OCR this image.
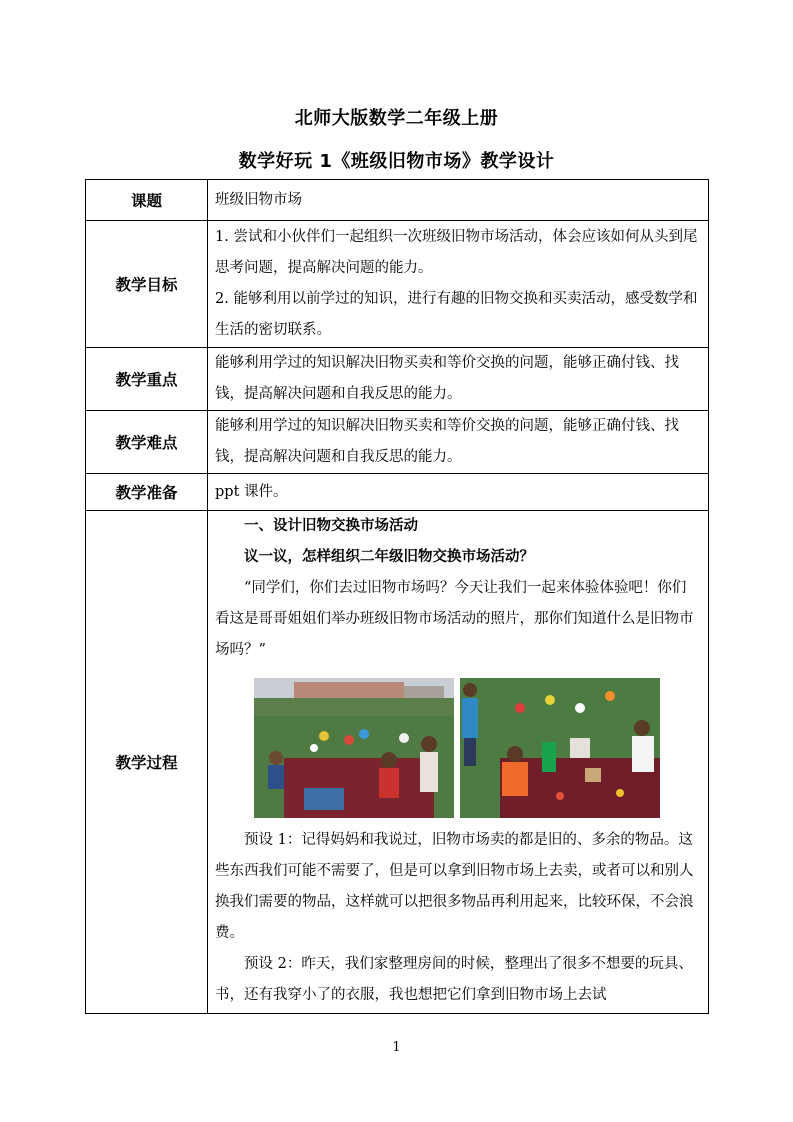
北师大版数学二年级上册
数学好玩 1《班级旧物市场》教学设计
课题	班级旧物市场
教学目标	1. 尝试和小伙伴们一起组织一次班级旧物市场活动，体会应该如何从头到尾思考问题，提高解决问题的能力。

2. 能够利用以前学过的知识，进行有趣的旧物交换和买卖活动，感受数学和生活的密切联系。

教学重点	能够利用学过的知识解决旧物买卖和等价交换的问题，能够正确付钱、找钱，提高解决问题和自我反思的能力。
教学难点	能够利用学过的知识解决旧物买卖和等价交换的问题，能够正确付钱、找钱，提高解决问题和自我反思的能力。
教学准备	ppt 课件。
教学过程	一、设计旧物交换市场活动

议一议，怎样组织二年级旧物交换市场活动？

“同学们，你们去过旧物市场吗？今天让我们一起来体验体验吧！你们看这是哥哥姐姐们举办班级旧物市场活动的照片，那你们知道什么是旧物市场吗？”

预设 1：记得妈妈和我说过，旧物市场卖的都是旧的、多余的物品。这些东西我们可能不需要了，但是可以拿到旧物市场上去卖，或者可以和别人换我们需要的物品，这样就可以把很多物品再利用起来，比较环保，不会浪费。

预设 2：昨天，我们家整理房间的时候，整理出了很多不想要的玩具、书，还有我穿小了的衣服，我也想把它们拿到旧物市场上去试

1
